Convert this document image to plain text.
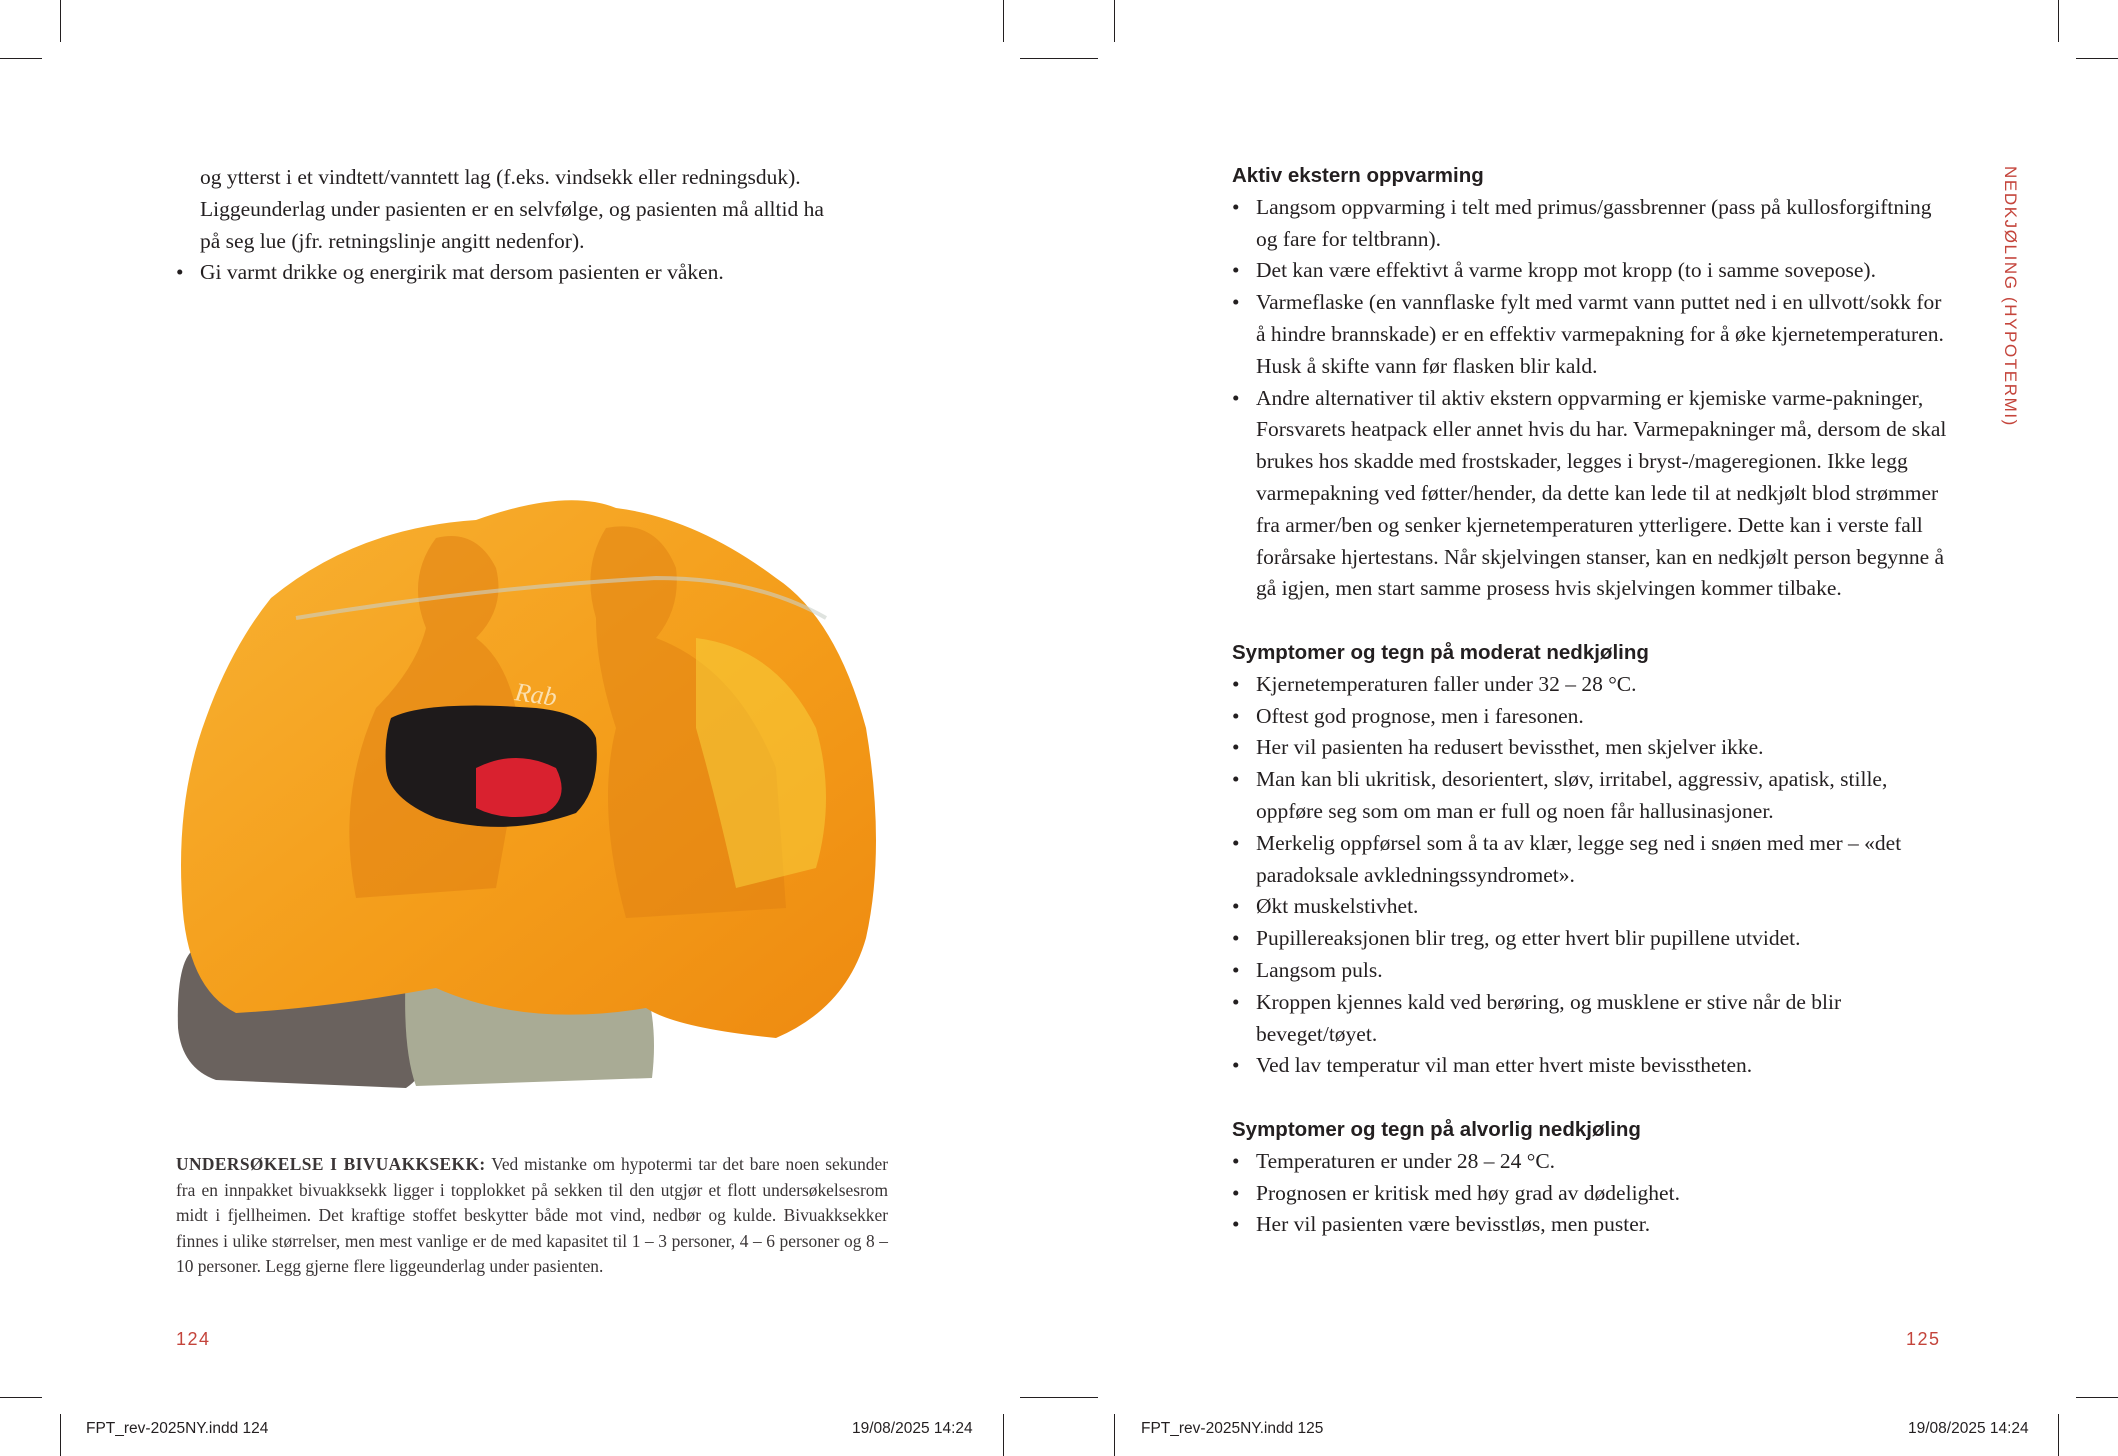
og ytterst i et vindtett/vanntett lag (f.eks. vindsekk eller redningsduk).
Liggeunderlag under pasienten er en selvfølge, og pasienten må alltid ha
på seg lue (jfr. retningslinje angitt nedenfor).
• Gi varmt drikke og energirik mat dersom pasienten er våken.
Rab
UNDERSØKELSE I BIVUAKKSEKK: Ved mistanke om hypotermi tar det bare noen sekunder fra en innpakket bivuakksekk ligger i topplokket på sekken til den utgjør et flott undersøkelsesrom midt i fjellheimen. Det kraftige stoffet beskytter både mot vind, nedbør og kulde. Bivuakksekker finnes i ulike størrelser, men mest vanlige er de med kapasitet til 1 – 3 personer, 4 – 6 personer og 8 – 10 personer. Legg gjerne flere liggeunderlag under pasienten.
124
NEDKJØLING (HYPOTERMI)
Aktiv ekstern oppvarming
• Langsom oppvarming i telt med primus/gassbrenner (pass på kullosforgiftning og fare for teltbrann).
• Det kan være effektivt å varme kropp mot kropp (to i samme sovepose).
• Varmeflaske (en vannflaske fylt med varmt vann puttet ned i en ullvott/sokk for å hindre brannskade) er en effektiv varmepakning for å øke kjernetemperaturen. Husk å skifte vann før flasken blir kald.
• Andre alternativer til aktiv ekstern oppvarming er kjemiske varme-pakninger, Forsvarets heatpack eller annet hvis du har. Varmepakninger må, dersom de skal brukes hos skadde med frostskader, legges i bryst-/mageregionen. Ikke legg varmepakning ved føtter/hender, da dette kan lede til at nedkjølt blod strømmer fra armer/ben og senker kjernetemperaturen ytterligere. Dette kan i verste fall forårsake hjertestans. Når skjelvingen stanser, kan en nedkjølt person begynne å gå igjen, men start samme prosess hvis skjelvingen kommer tilbake.
Symptomer og tegn på moderat nedkjøling
• Kjernetemperaturen faller under 32 – 28 °C.
• Oftest god prognose, men i faresonen.
• Her vil pasienten ha redusert bevissthet, men skjelver ikke.
• Man kan bli ukritisk, desorientert, sløv, irritabel, aggressiv, apatisk, stille, oppføre seg som om man er full og noen får hallusinasjoner.
• Merkelig oppførsel som å ta av klær, legge seg ned i snøen med mer – «det paradoksale avkledningssyndromet».
• Økt muskelstivhet.
• Pupillereaksjonen blir treg, og etter hvert blir pupillene utvidet.
• Langsom puls.
• Kroppen kjennes kald ved berøring, og musklene er stive når de blir beveget/tøyet.
• Ved lav temperatur vil man etter hvert miste bevisstheten.
Symptomer og tegn på alvorlig nedkjøling
• Temperaturen er under 28 – 24 °C.
• Prognosen er kritisk med høy grad av dødelighet.
• Her vil pasienten være bevisstløs, men puster.
125
FPT_rev-2025NY.indd 124	19/08/2025 14:24	FPT_rev-2025NY.indd 125	19/08/2025 14:24
